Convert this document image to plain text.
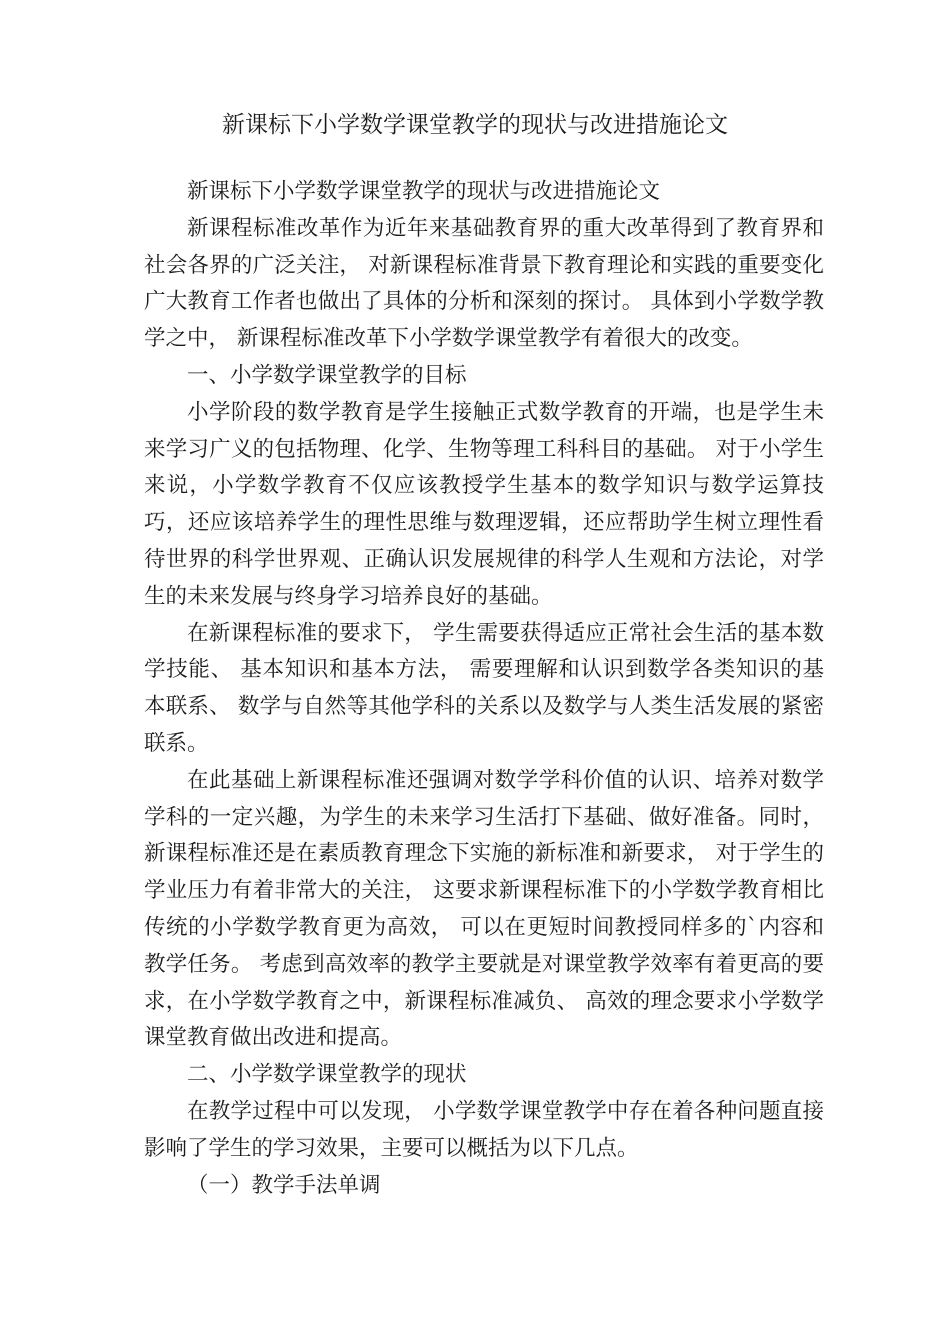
新课标下小学数学课堂教学的现状与改进措施论文

新课标下小学数学课堂教学的现状与改进措施论文

新课程标准改革作为近年来基础教育界的重大改革得到了教育界和社会各界的广泛关注， 对新课程标准背景下教育理论和实践的重要变化广大教育工作者也做出了具体的分析和深刻的探讨。 具体到小学数学教学之中， 新课程标准改革下小学数学课堂教学有着很大的改变。

一、小学数学课堂教学的目标

小学阶段的数学教育是学生接触正式数学教育的开端，也是学生未来学习广义的包括物理、化学、生物等理工科科目的基础。 对于小学生来说，小学数学教育不仅应该教授学生基本的数学知识与数学运算技巧，还应该培养学生的理性思维与数理逻辑，还应帮助学生树立理性看待世界的科学世界观、正确认识发展规律的科学人生观和方法论，对学生的未来发展与终身学习培养良好的基础。

在新课程标准的要求下， 学生需要获得适应正常社会生活的基本数学技能、 基本知识和基本方法， 需要理解和认识到数学各类知识的基本联系、 数学与自然等其他学科的关系以及数学与人类生活发展的紧密联系。

在此基础上新课程标准还强调对数学学科价值的认识、培养对数学学科的一定兴趣，为学生的未来学习生活打下基础、做好准备。同时， 新课程标准还是在素质教育理念下实施的新标准和新要求， 对于学生的学业压力有着非常大的关注， 这要求新课程标准下的小学数学教育相比传统的小学数学教育更为高效， 可以在更短时间教授同样多的`内容和教学任务。 考虑到高效率的教学主要就是对课堂教学效率有着更高的要求，在小学数学教育之中，新课程标准减负、 高效的理念要求小学数学课堂教育做出改进和提高。

二、小学数学课堂教学的现状

在教学过程中可以发现， 小学数学课堂教学中存在着各种问题直接影响了学生的学习效果，主要可以概括为以下几点。

（一）教学手法单调
